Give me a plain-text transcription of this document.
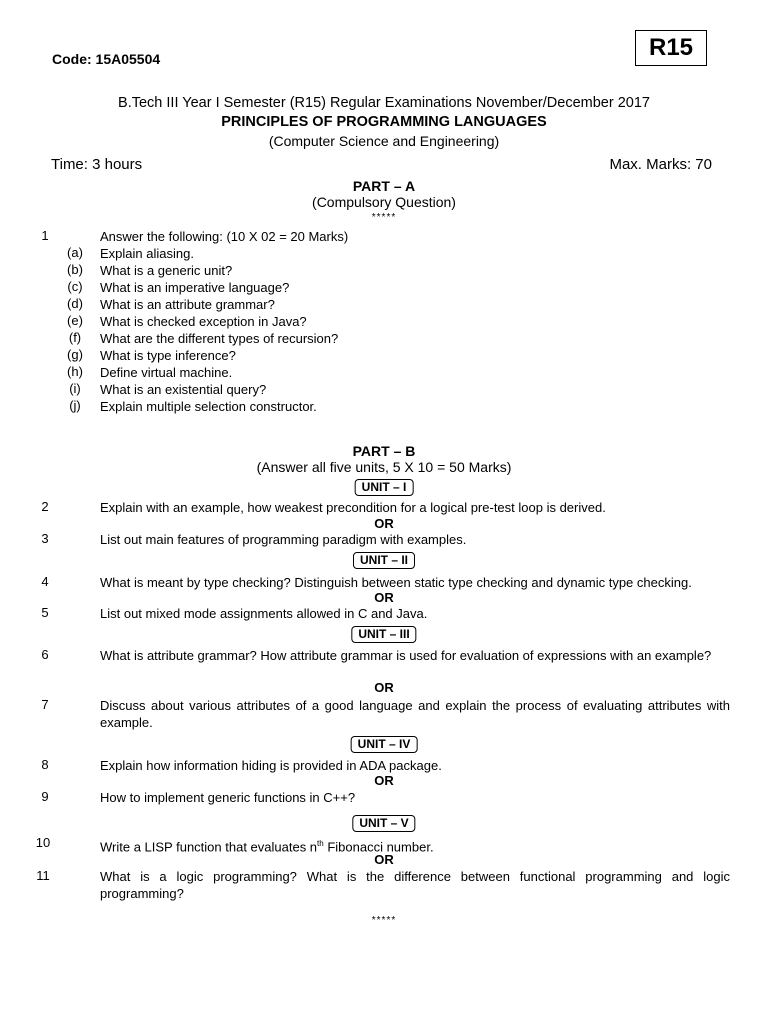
Code: 15A05504	R15
B.Tech III Year I Semester (R15) Regular Examinations November/December 2017
PRINCIPLES OF PROGRAMMING LANGUAGES
(Computer Science and Engineering)
Time: 3 hours	Max. Marks: 70
PART – A
(Compulsory Question)
*****
1	Answer the following: (10 X 02 = 20 Marks)
(a)	Explain aliasing.
(b)	What is a generic unit?
(c)	What is an imperative language?
(d)	What is an attribute grammar?
(e)	What is checked exception in Java?
(f)	What are the different types of recursion?
(g)	What is type inference?
(h)	Define virtual machine.
(i)	What is an existential query?
(j)	Explain multiple selection constructor.
PART – B
(Answer all five units, 5 X 10 = 50 Marks)
UNIT – I
2	Explain with an example, how weakest precondition for a logical pre-test loop is derived.
OR
3	List out main features of programming paradigm with examples.
UNIT – II
4	What is meant by type checking? Distinguish between static type checking and dynamic type checking.
OR
5	List out mixed mode assignments allowed in C and Java.
UNIT – III
6	What is attribute grammar? How attribute grammar is used for evaluation of expressions with an example?
OR
7	Discuss about various attributes of a good language and explain the process of evaluating attributes with example.
UNIT – IV
8	Explain how information hiding is provided in ADA package.
OR
9	How to implement generic functions in C++?
UNIT – V
10	Write a LISP function that evaluates $n^{th}$ Fibonacci number.
OR
11	What is a logic programming? What is the difference between functional programming and logic programming?
*****
